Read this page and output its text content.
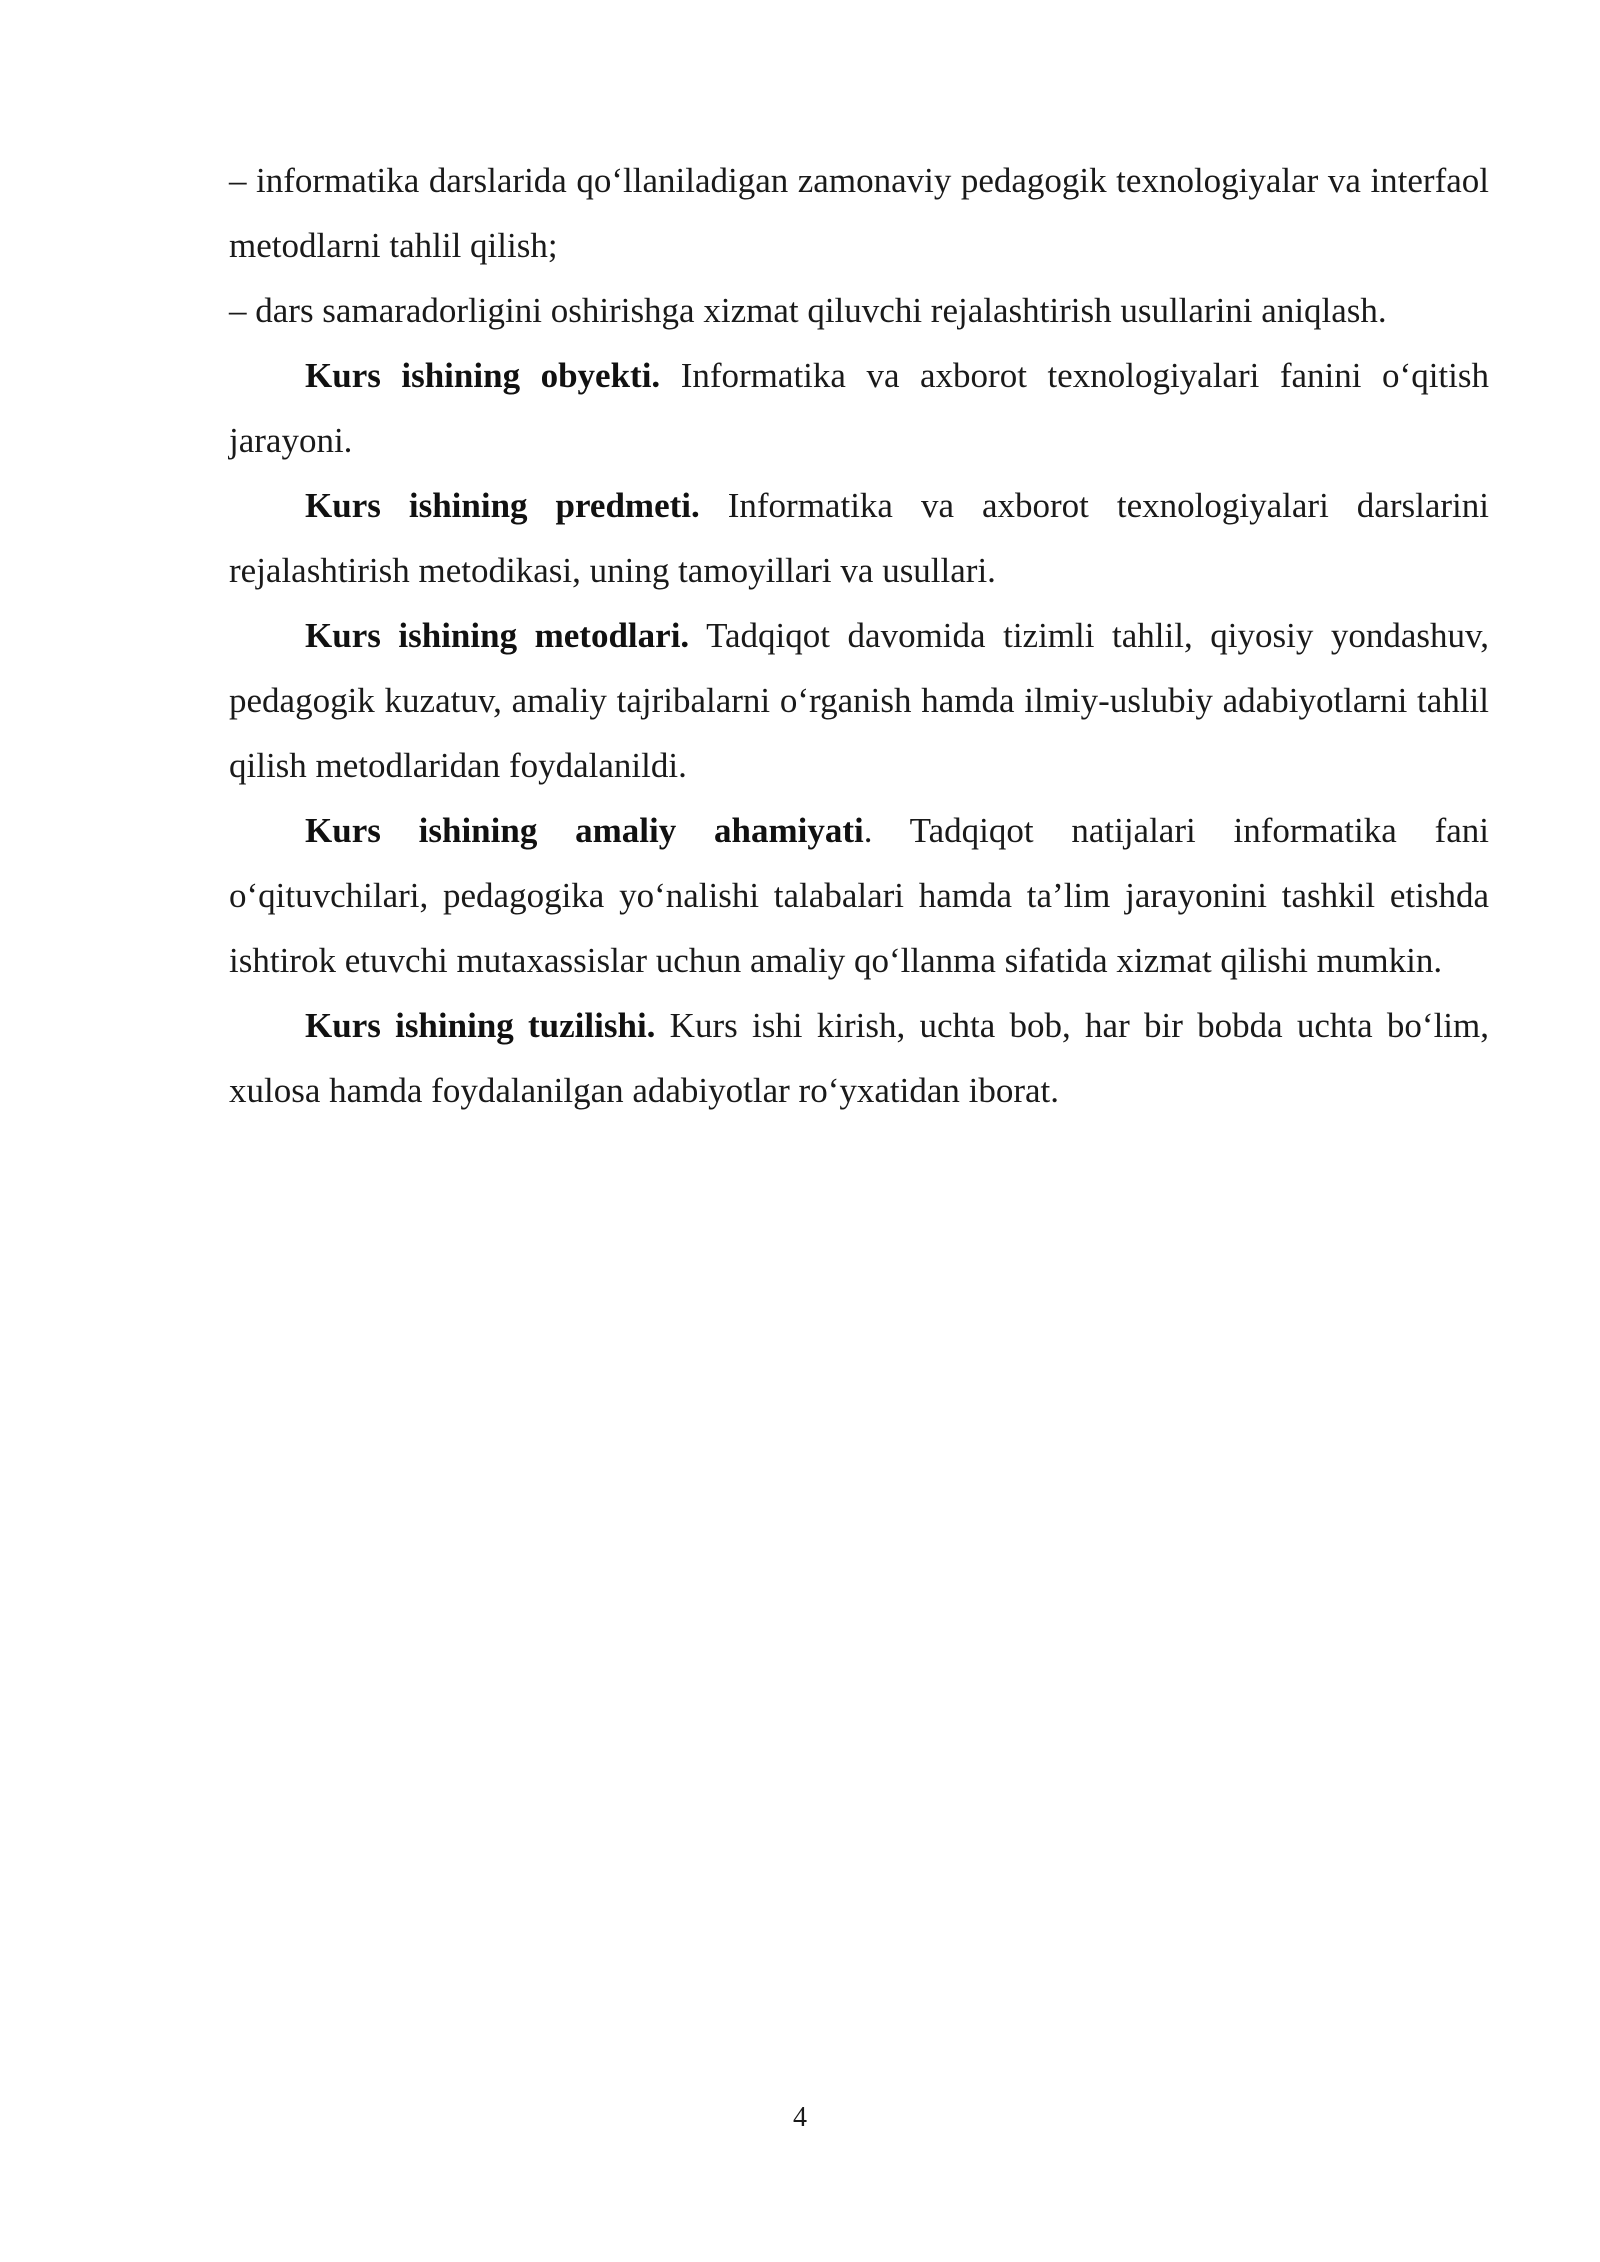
– informatika darslarida qo‘llaniladigan zamonaviy pedagogik texnologiyalar va interfaol metodlarni tahlil qilish;

– dars samaradorligini oshirishga xizmat qiluvchi rejalashtirish usullarini aniqlash.

Kurs ishining obyekti. Informatika va axborot texnologiyalari fanini o‘qitish jarayoni.

Kurs ishining predmeti. Informatika va axborot texnologiyalari darslarini rejalashtirish metodikasi, uning tamoyillari va usullari.

Kurs ishining metodlari. Tadqiqot davomida tizimli tahlil, qiyosiy yondashuv, pedagogik kuzatuv, amaliy tajribalarni o‘rganish hamda ilmiy-uslubiy adabiyotlarni tahlil qilish metodlaridan foydalanildi.

Kurs ishining amaliy ahamiyati. Tadqiqot natijalari informatika fani o‘qituvchilari, pedagogika yo‘nalishi talabalari hamda ta’lim jarayonini tashkil etishda ishtirok etuvchi mutaxassislar uchun amaliy qo‘llanma sifatida xizmat qilishi mumkin.

Kurs ishining tuzilishi. Kurs ishi kirish, uchta bob, har bir bobda uchta bo‘lim, xulosa hamda foydalanilgan adabiyotlar ro‘yxatidan iborat.

4
